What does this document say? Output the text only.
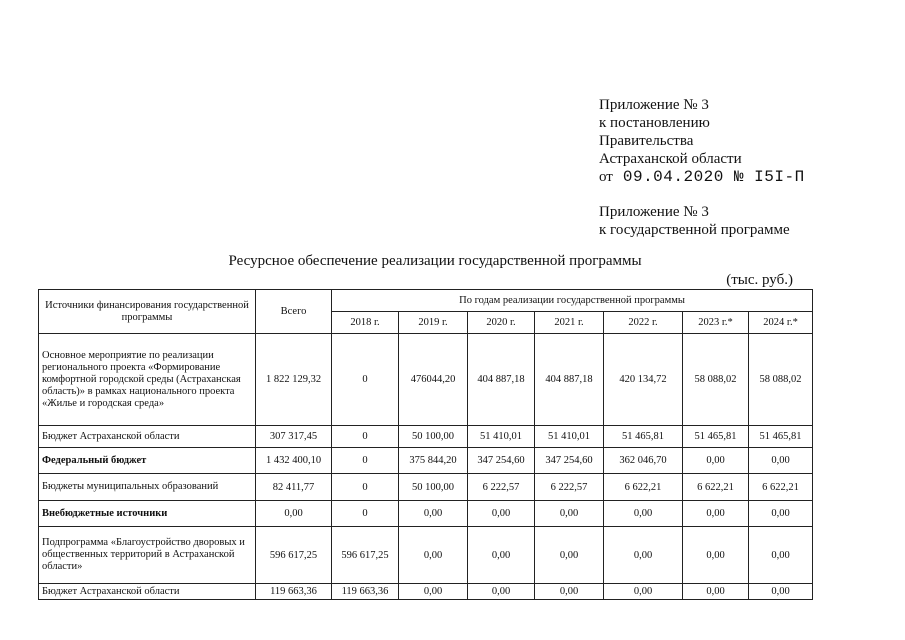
Приложение № 3
к постановлению
Правительства
Астраханской области
от 09.04.2020 № I5I-П
Приложение № 3
к государственной программе
Ресурсное обеспечение реализации государственной программы
(тыс. руб.)
Источники финансирования государственной программы	Всего	По годам реализации государственной программы						
		2018 г.	2019 г.	2020 г.	2021 г.	2022 г.	2023 г.*	2024 г.*
Основное мероприятие по реализации регионального проекта «Формирование комфортной городской среды (Астраханская область)» в рамках национального проекта «Жилье и городская среда»	1 822 129,32	0	476044,20	404 887,18	404 887,18	420 134,72	58 088,02	58 088,02
Бюджет Астраханской области	307 317,45	0	50 100,00	51 410,01	51 410,01	51 465,81	51 465,81	51 465,81
Федеральный бюджет	1 432 400,10	0	375 844,20	347 254,60	347 254,60	362 046,70	0,00	0,00
Бюджеты муниципальных образований	82 411,77	0	50 100,00	6 222,57	6 222,57	6 622,21	6 622,21	6 622,21
Внебюджетные источники	0,00	0	0,00	0,00	0,00	0,00	0,00	0,00
Подпрограмма «Благоустройство дворовых и общественных территорий в Астраханской области»	596 617,25	596 617,25	0,00	0,00	0,00	0,00	0,00	0,00
Бюджет Астраханской области	119 663,36	119 663,36	0,00	0,00	0,00	0,00	0,00	0,00
